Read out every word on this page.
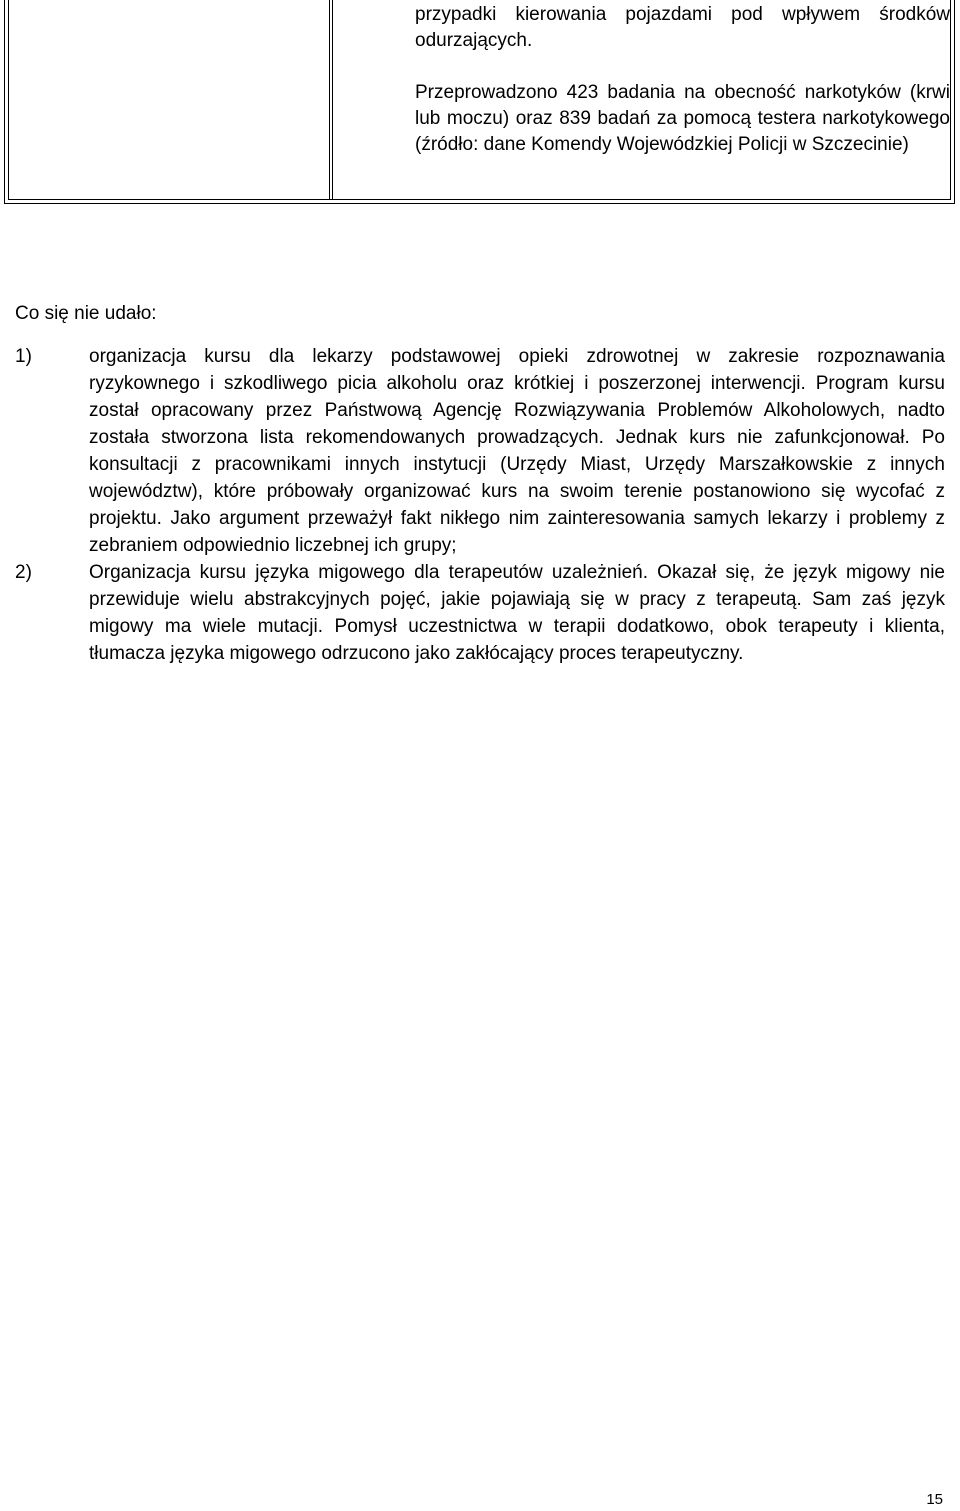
przypadki kierowania pojazdami pod wpływem środków odurzających.

Przeprowadzono 423 badania na obecność narkotyków (krwi lub moczu) oraz 839 badań za pomocą testera narkotykowego (źródło: dane Komendy Wojewódzkiej Policji w Szczecinie)

Co się nie udało:
1)	organizacja kursu dla lekarzy podstawowej opieki zdrowotnej w zakresie rozpoznawania ryzykownego i szkodliwego picia alkoholu oraz krótkiej i poszerzonej interwencji. Program kursu został opracowany przez Państwową Agencję Rozwiązywania Problemów Alkoholowych, nadto została stworzona lista rekomendowanych prowadzących. Jednak kurs nie zafunkcjonował. Po konsultacji z pracownikami innych instytucji (Urzędy Miast, Urzędy Marszałkowskie z innych województw), które próbowały organizować kurs na swoim terenie postanowiono się wycofać z projektu. Jako argument przeważył fakt nikłego nim zainteresowania samych lekarzy i problemy z zebraniem odpowiednio liczebnej ich grupy;
2)	Organizacja kursu języka migowego dla terapeutów uzależnień. Okazał się, że język migowy nie przewiduje wielu abstrakcyjnych pojęć, jakie pojawiają się w pracy z terapeutą. Sam zaś język migowy ma wiele mutacji. Pomysł uczestnictwa w terapii dodatkowo, obok terapeuty i klienta, tłumacza języka migowego odrzucono jako zakłócający proces terapeutyczny.
15
